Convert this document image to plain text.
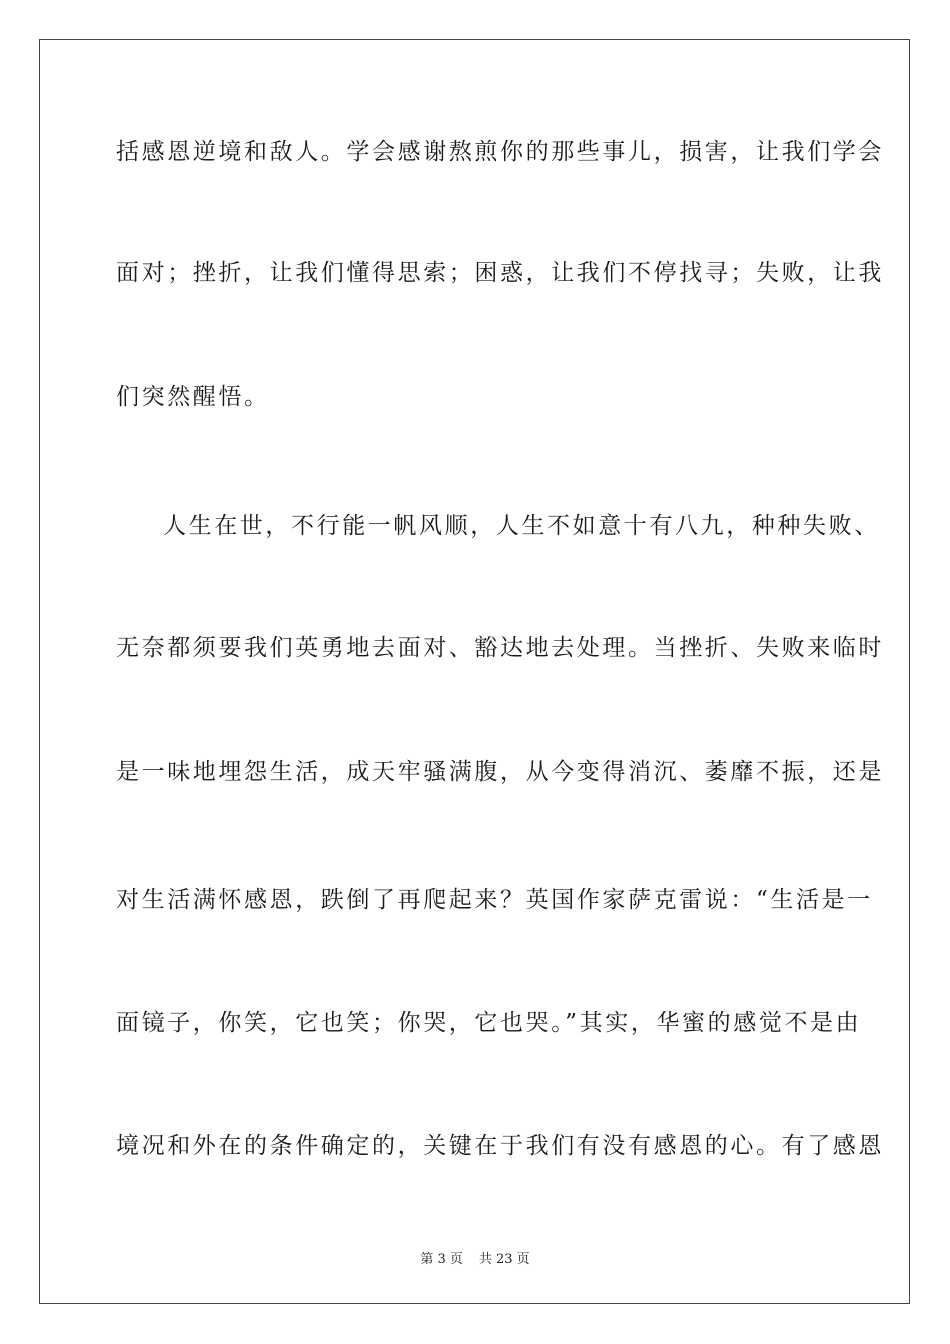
括感恩逆境和敌人。学会感谢熬煎你的那些事儿，损害，让我们学会
面对；挫折，让我们懂得思索；困惑，让我们不停找寻；失败，让我
们突然醒悟。
人生在世，不行能一帆风顺，人生不如意十有八九，种种失败、
无奈都须要我们英勇地去面对、豁达地去处理。当挫折、失败来临时
是一味地埋怨生活，成天牢骚满腹，从今变得消沉、萎靡不振，还是
对生活满怀感恩，跌倒了再爬起来？英国作家萨克雷说：“生活是一
面镜子，你笑，它也笑；你哭，它也哭。”其实，华蜜的感觉不是由
境况和外在的条件确定的，关键在于我们有没有感恩的心。有了感恩
第 3 页 共 23 页
